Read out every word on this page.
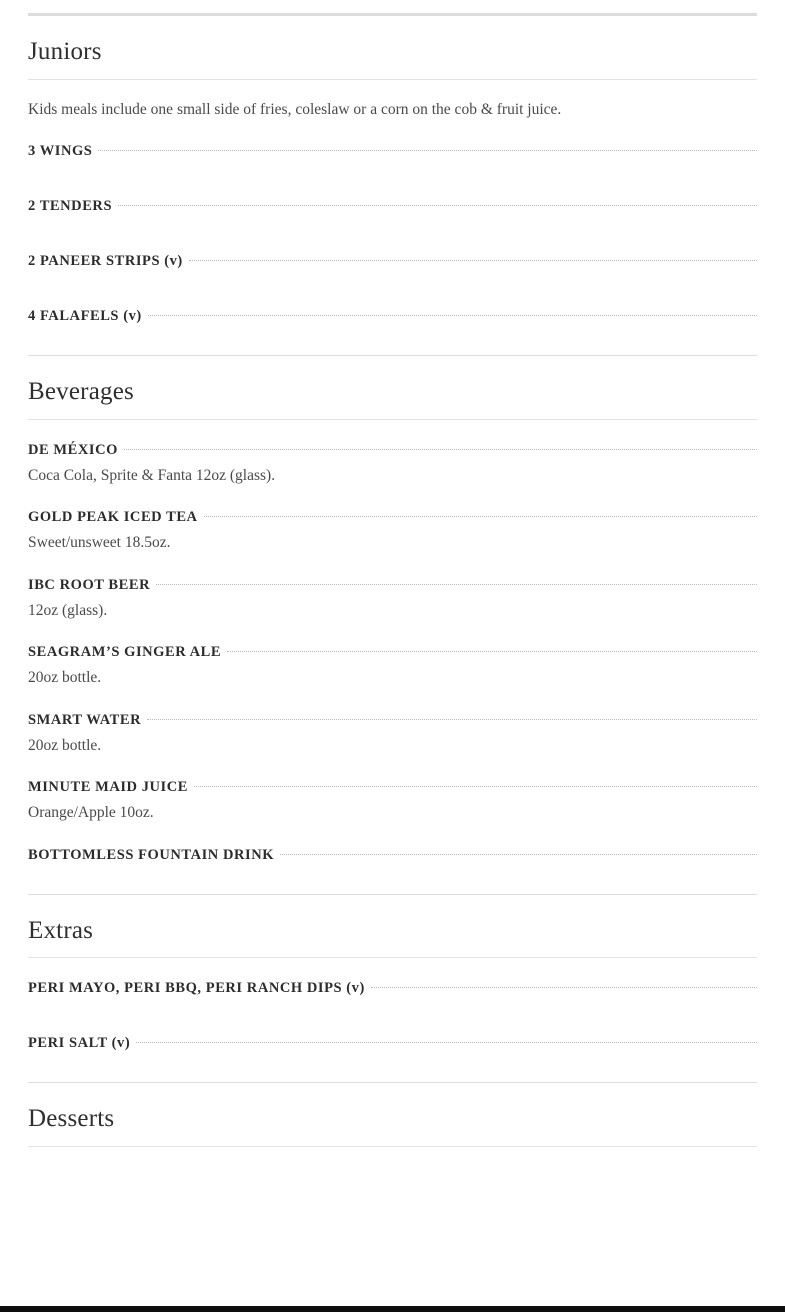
Juniors

Kids meals include one small side of fries, coleslaw or a corn on the cob & fruit juice.

3 WINGS
2 TENDERS
2 PANEER STRIPS (v)
4 FALAFELS (v)
Beverages
DE MÉXICO
Coca Cola, Sprite & Fanta 12oz (glass).
GOLD PEAK ICED TEA
Sweet/unsweet 18.5oz.
IBC ROOT BEER
12oz (glass).
SEAGRAM’S GINGER ALE
20oz bottle.
SMART WATER
20oz bottle.
MINUTE MAID JUICE
Orange/Apple 10oz.
BOTTOMLESS FOUNTAIN DRINK
Extras
PERI MAYO, PERI BBQ, PERI RANCH DIPS (v)
PERI SALT (v)
Desserts
